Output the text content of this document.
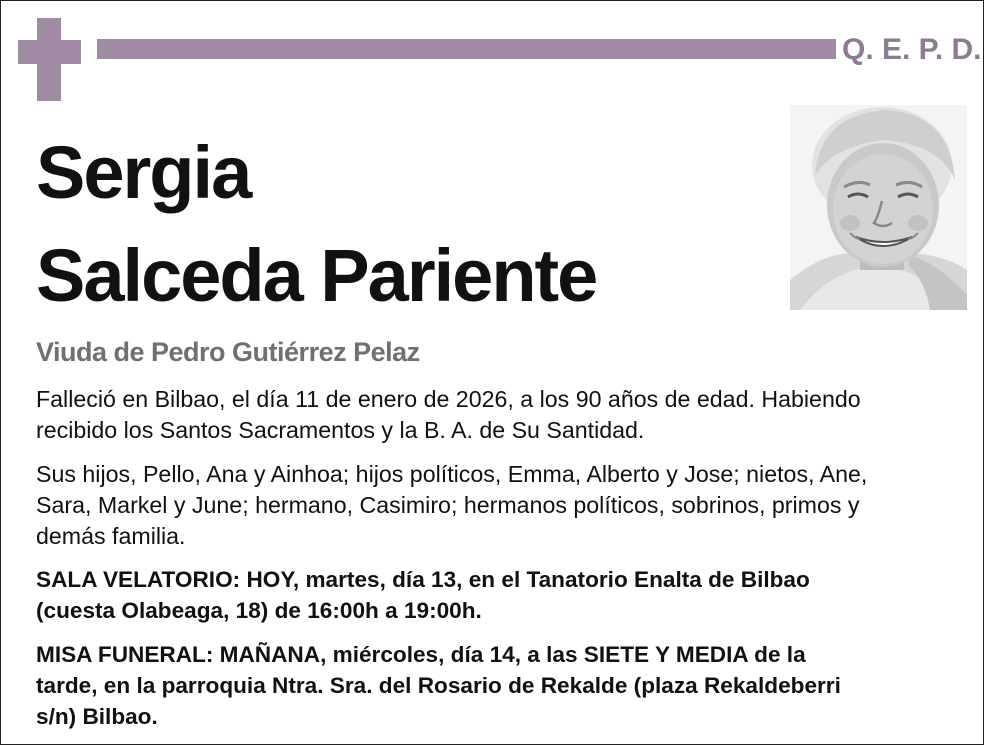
Q. E. P. D.
Sergia
Salceda Pariente
Viuda de Pedro Gutiérrez Pelaz
Falleció en Bilbao, el día 11 de enero de 2026, a los 90 años de edad. Habiendo
recibido los Santos Sacramentos y la B. A. de Su Santidad.
Sus hijos, Pello, Ana y Ainhoa; hijos políticos, Emma, Alberto y Jose; nietos, Ane,
Sara, Markel y June; hermano, Casimiro; hermanos políticos, sobrinos, primos y
demás familia.
SALA VELATORIO: HOY, martes, día 13, en el Tanatorio Enalta de Bilbao
(cuesta Olabeaga, 18) de 16:00h a 19:00h.
MISA FUNERAL: MAÑANA, miércoles, día 14, a las SIETE Y MEDIA de la
tarde, en la parroquia Ntra. Sra. del Rosario de Rekalde (plaza Rekaldeberri
s/n) Bilbao.
